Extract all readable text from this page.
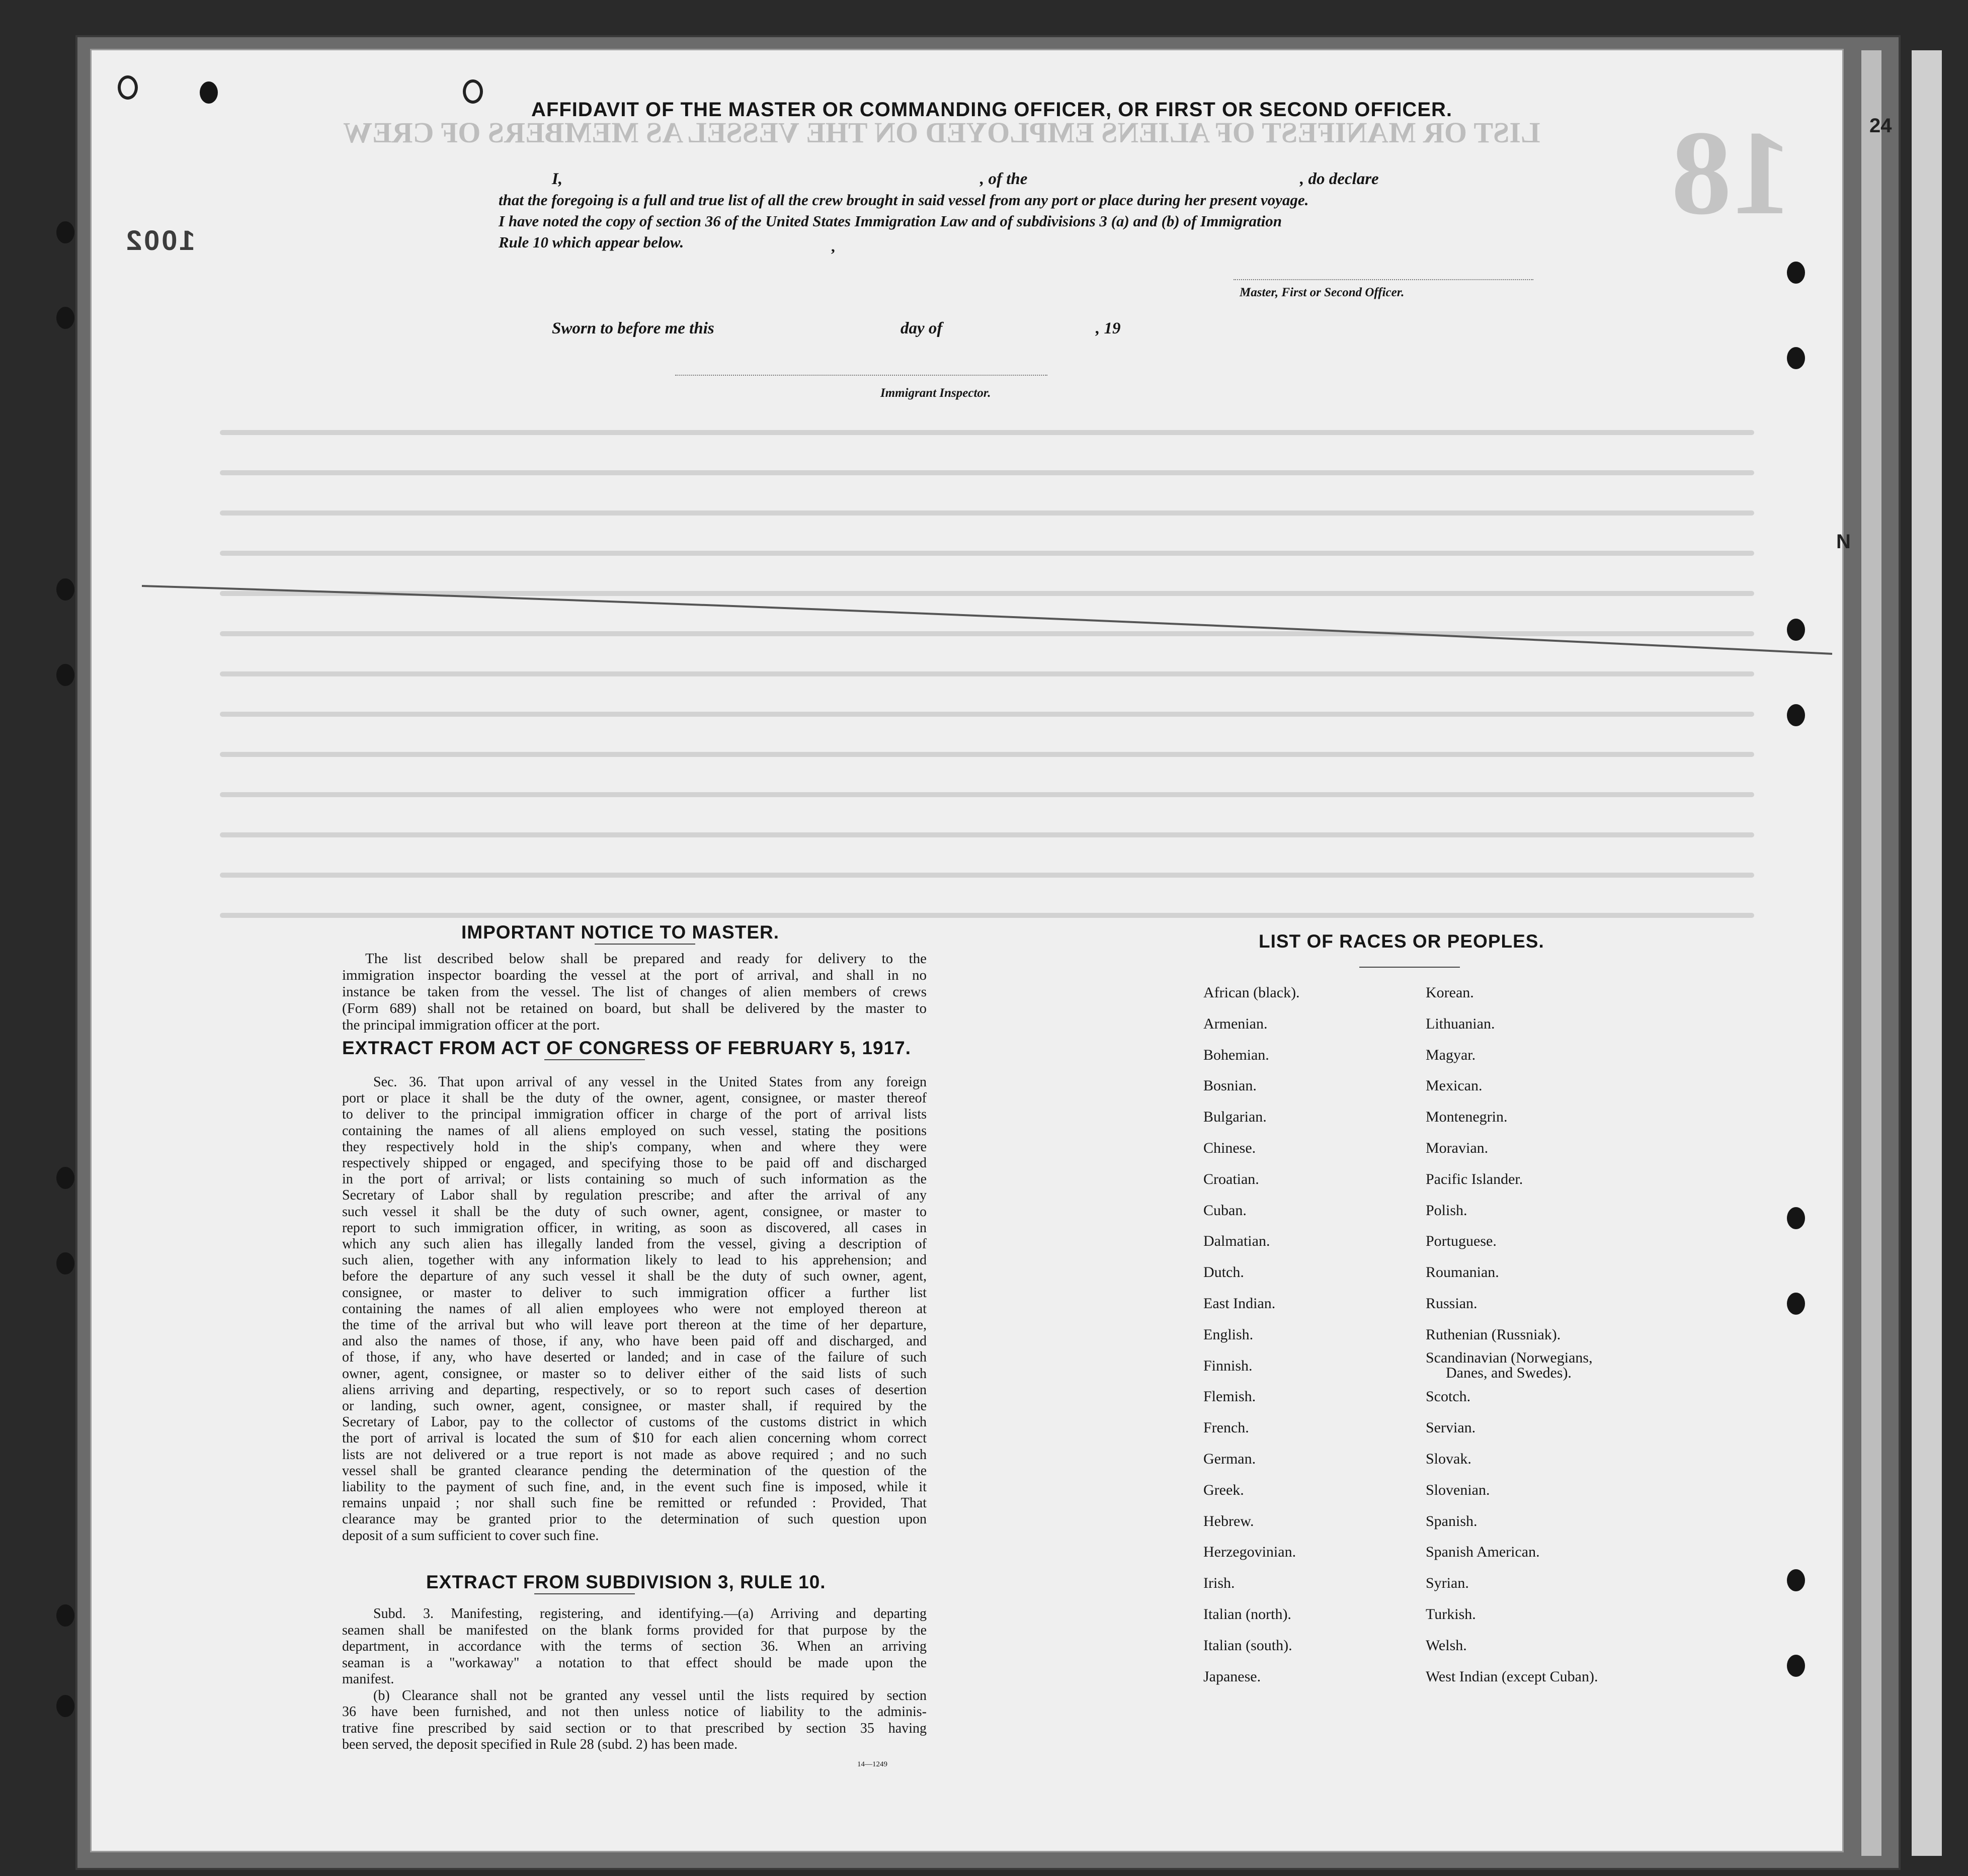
LIST OR MANIFEST OF ALIENS EMPLOYED ON THE VESSEL AS MEMBERS OF CREW 18
1002
AFFIDAVIT OF THE MASTER OR COMMANDING OFFICER, OR FIRST OR SECOND OFFICER.
I,	, of the	, do declare
that the foregoing is a full and true list of all the crew brought in said vessel from any port or place during her present voyage.
I have noted the copy of section 36 of the United States Immigration Law and of subdivisions 3 (a) and (b) of Immigration
Rule 10 which appear below.	,
Master, First or Second Officer.
Sworn to before me this	day of	, 19
Immigrant Inspector.
IMPORTANT NOTICE TO MASTER.
The list described below shall be prepared and ready for delivery to the
immigration inspector boarding the vessel at the port of arrival, and shall in no
instance be taken from the vessel. The list of changes of alien members of crews
(Form 689) shall not be retained on board, but shall be delivered by the master to
the principal immigration officer at the port.
EXTRACT FROM ACT OF CONGRESS OF FEBRUARY 5, 1917.
Sec. 36. That upon arrival of any vessel in the United States from any foreign
port or place it shall be the duty of the owner, agent, consignee, or master thereof
to deliver to the principal immigration officer in charge of the port of arrival lists
containing the names of all aliens employed on such vessel, stating the positions
they respectively hold in the ship's company, when and where they were
respectively shipped or engaged, and specifying those to be paid off and discharged
in the port of arrival; or lists containing so much of such information as the
Secretary of Labor shall by regulation prescribe; and after the arrival of any
such vessel it shall be the duty of such owner, agent, consignee, or master to
report to such immigration officer, in writing, as soon as discovered, all cases in
which any such alien has illegally landed from the vessel, giving a description of
such alien, together with any information likely to lead to his apprehension; and
before the departure of any such vessel it shall be the duty of such owner, agent,
consignee, or master to deliver to such immigration officer a further list
containing the names of all alien employees who were not employed thereon at
the time of the arrival but who will leave port thereon at the time of her departure,
and also the names of those, if any, who have been paid off and discharged, and
of those, if any, who have deserted or landed; and in case of the failure of such
owner, agent, consignee, or master so to deliver either of the said lists of such
aliens arriving and departing, respectively, or so to report such cases of desertion
or landing, such owner, agent, consignee, or master shall, if required by the
Secretary of Labor, pay to the collector of customs of the customs district in which
the port of arrival is located the sum of $10 for each alien concerning whom correct
lists are not delivered or a true report is not made as above required ; and no such
vessel shall be granted clearance pending the determination of the question of the
liability to the payment of such fine, and, in the event such fine is imposed, while it
remains unpaid ; nor shall such fine be remitted or refunded : Provided, That
clearance may be granted prior to the determination of such question upon
deposit of a sum sufficient to cover such fine.
EXTRACT FROM SUBDIVISION 3, RULE 10.
Subd. 3. Manifesting, registering, and identifying.—(a) Arriving and departing
seamen shall be manifested on the blank forms provided for that purpose by the
department, in accordance with the terms of section 36. When an arriving
seaman is a "workaway" a notation to that effect should be made upon the
manifest.
(b) Clearance shall not be granted any vessel until the lists required by section
36 have been furnished, and not then unless notice of liability to the adminis-
trative fine prescribed by said section or to that prescribed by section 35 having
been served, the deposit specified in Rule 28 (subd. 2) has been made.
14—1249
LIST OF RACES OR PEOPLES.
African (black).
Armenian.
Bohemian.
Bosnian.
Bulgarian.
Chinese.
Croatian.
Cuban.
Dalmatian.
Dutch.
East Indian.
English.
Finnish.
Flemish.
French.
German.
Greek.
Hebrew.
Herzegovinian.
Irish.
Italian (north).
Italian (south).
Japanese.
Korean.
Lithuanian.
Magyar.
Mexican.
Montenegrin.
Moravian.
Pacific Islander.
Polish.
Portuguese.
Roumanian.
Russian.
Ruthenian (Russniak).
Scandinavian (Norwegians,
Danes, and Swedes).
Scotch.
Servian.
Slovak.
Slovenian.
Spanish.
Spanish American.
Syrian.
Turkish.
Welsh.
West Indian (except Cuban).
24
N
